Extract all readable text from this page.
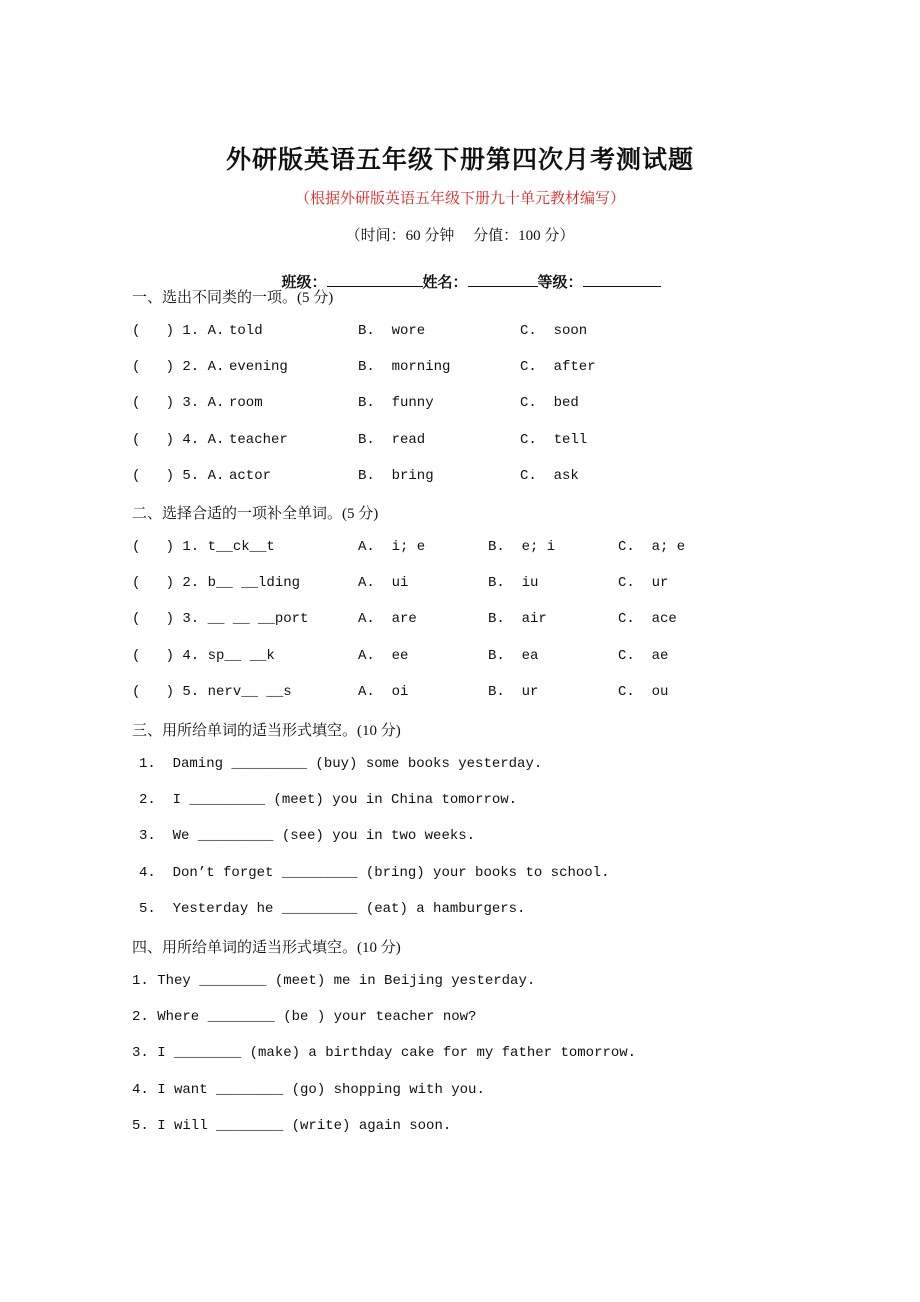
外研版英语五年级下册第四次月考测试题
（根据外研版英语五年级下册九十单元教材编写）
（时间：60 分钟     分值：100 分）

班级：	姓名：	等级：

一、选出不同类的一项。(5 分)
(   ) 1. A. told	B.  wore	C.  soon
(   ) 2. A. evening	B.  morning	C.  after
(   ) 3. A. room	B.  funny	C.  bed
(   ) 4. A. teacher	B.  read	C.  tell
(   ) 5. A. actor	B.  bring	C.  ask
二、选择合适的一项补全单词。(5 分)
(   ) 1. t__ck__t	A.  i; e	B.  e; i	C.  a; e
(   ) 2. b__ __lding	A.  ui	B.  iu	C.  ur
(   ) 3. __ __ __port	A.  are	B.  air	C.  ace
(   ) 4. sp__ __k	A.  ee	B.  ea	C.  ae
(   ) 5. nerv__ __s	A.  oi	B.  ur	C.  ou
三、用所给单词的适当形式填空。(10 分)
1.  Daming _________ (buy) some books yesterday.
2.  I _________ (meet) you in China tomorrow.
3.  We _________ (see) you in two weeks.
4.  Don’t forget _________ (bring) your books to school.
5.  Yesterday he _________ (eat) a hamburgers.
四、用所给单词的适当形式填空。(10 分)
1. They ________ (meet) me in Beijing yesterday.
2. Where ________ (be ) your teacher now?
3. I ________ (make) a birthday cake for my father tomorrow.
4. I want ________ (go) shopping with you.
5. I will ________ (write) again soon.
